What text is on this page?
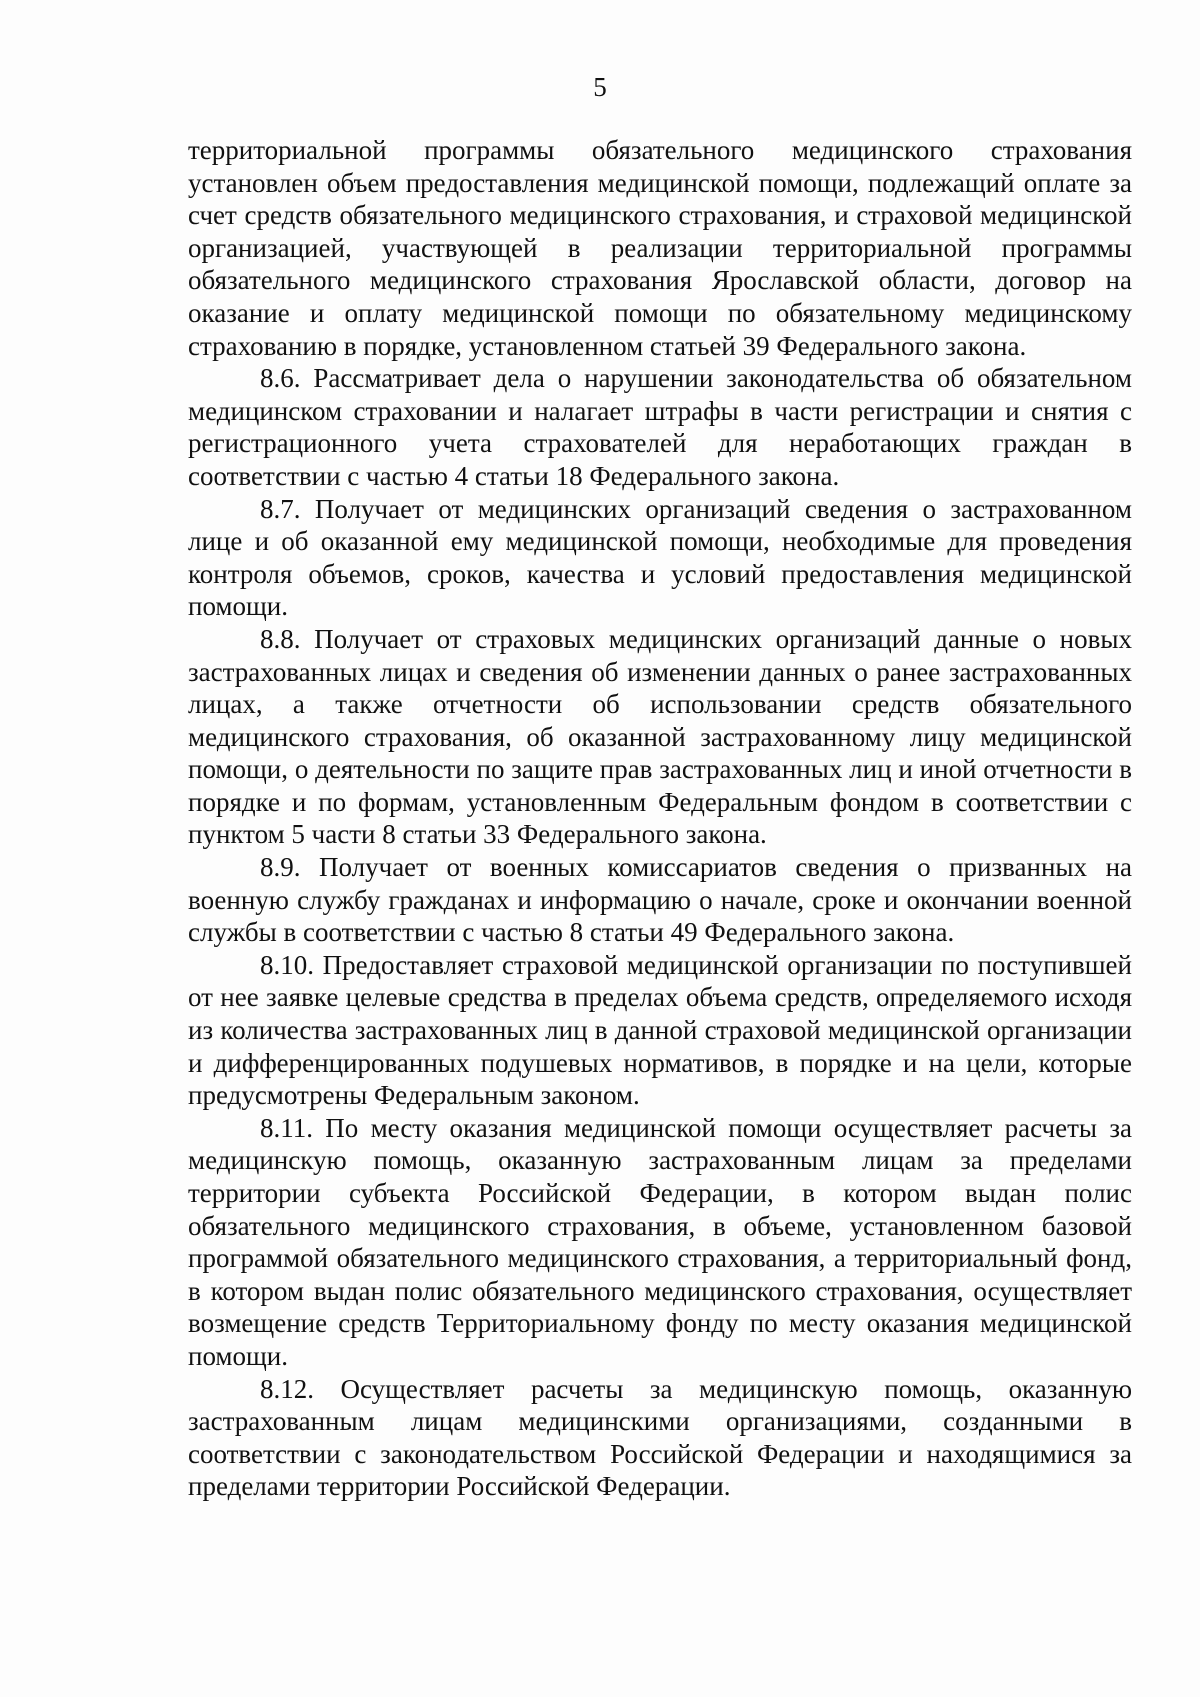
5

территориальной программы обязательного медицинского страхования установлен объем предоставления медицинской помощи, подлежащий оплате за счет средств обязательного медицинского страхования, и страховой медицинской организацией, участвующей в реализации территориальной программы обязательного медицинского страхования Ярославской области, договор на оказание и оплату медицинской помощи по обязательному медицинскому страхованию в порядке, установленном статьей 39 Федерального закона.

8.6. Рассматривает дела о нарушении законодательства об обязательном медицинском страховании и налагает штрафы в части регистрации и снятия с регистрационного учета страхователей для неработающих граждан в соответствии с частью 4 статьи 18 Федерального закона.

8.7. Получает от медицинских организаций сведения о застрахованном лице и об оказанной ему медицинской помощи, необходимые для проведения контроля объемов, сроков, качества и условий предоставления медицинской помощи.

8.8. Получает от страховых медицинских организаций данные о новых застрахованных лицах и сведения об изменении данных о ранее застрахованных лицах, а также отчетности об использовании средств обязательного медицинского страхования, об оказанной застрахованному лицу медицинской помощи, о деятельности по защите прав застрахованных лиц и иной отчетности в порядке и по формам, установленным Федеральным фондом в соответствии с пунктом 5 части 8 статьи 33 Федерального закона.

8.9. Получает от военных комиссариатов сведения о призванных на военную службу гражданах и информацию о начале, сроке и окончании военной службы в соответствии с частью 8 статьи 49 Федерального закона.

8.10. Предоставляет страховой медицинской организации по поступившей от нее заявке целевые средства в пределах объема средств, определяемого исходя из количества застрахованных лиц в данной страховой медицинской организации и дифференцированных подушевых нормативов, в порядке и на цели, которые предусмотрены Федеральным законом.

8.11. По месту оказания медицинской помощи осуществляет расчеты за медицинскую помощь, оказанную застрахованным лицам за пределами территории субъекта Российской Федерации, в котором выдан полис обязательного медицинского страхования, в объеме, установленном базовой программой обязательного медицинского страхования, а территориальный фонд, в котором выдан полис обязательного медицинского страхования, осуществляет возмещение средств Территориальному фонду по месту оказания медицинской помощи.

8.12. Осуществляет расчеты за медицинскую помощь, оказанную застрахованным лицам медицинскими организациями, созданными в соответствии с законодательством Российской Федерации и находящимися за пределами территории Российской Федерации.
